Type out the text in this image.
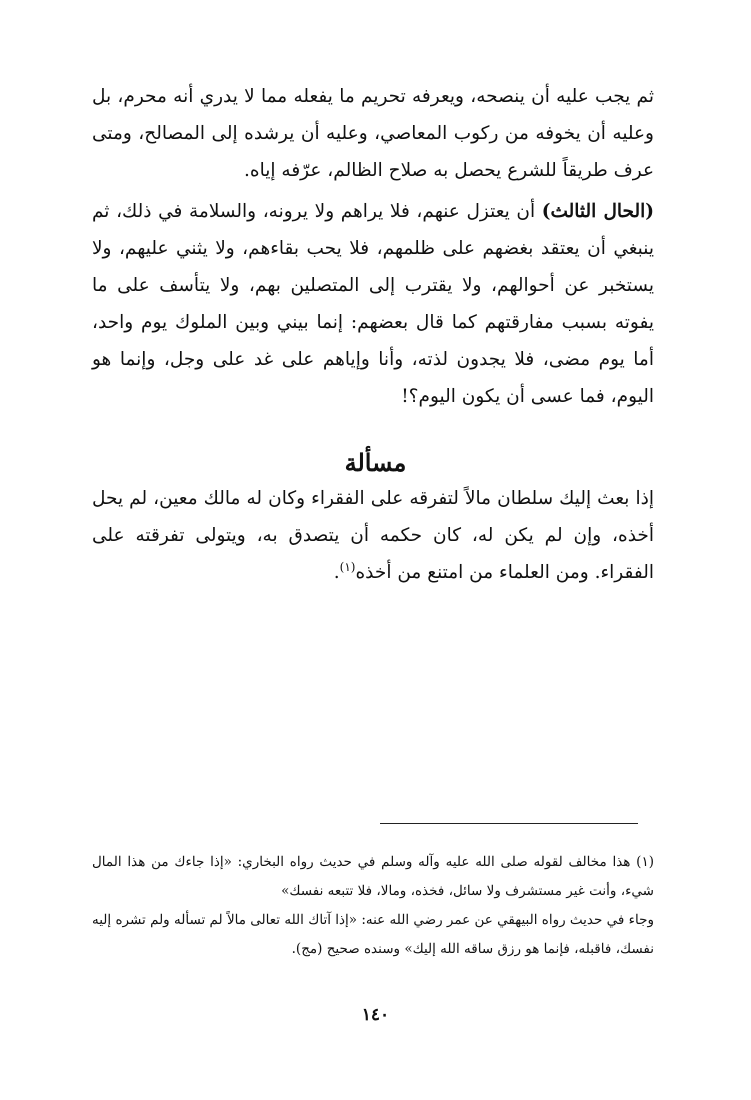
ثم يجب عليه أن ينصحه، ويعرفه تحريم ما يفعله مما لا يدري أنه محرم، بل وعليه أن يخوفه من ركوب المعاصي، وعليه أن يرشده إلى المصالح، ومتى عرف طريقاً للشرع يحصل به صلاح الظالم، عرّفه إياه.

(الحال الثالث) أن يعتزل عنهم، فلا يراهم ولا يرونه، والسلامة في ذلك، ثم ينبغي أن يعتقد بغضهم على ظلمهم، فلا يحب بقاءهم، ولا يثني عليهم، ولا يستخبر عن أحوالهم، ولا يقترب إلى المتصلين بهم، ولا يتأسف على ما يفوته بسبب مفارقتهم كما قال بعضهم: إنما بيني وبين الملوك يوم واحد، أما يوم مضى، فلا يجدون لذته، وأنا وإياهم على غد على وجل، وإنما هو اليوم، فما عسى أن يكون اليوم؟!

مسألة

إذا بعث إليك سلطان مالاً لتفرقه على الفقراء وكان له مالك معين، لم يحل أخذه، وإن لم يكن له، كان حكمه أن يتصدق به، ويتولى تفرقته على الفقراء. ومن العلماء من امتنع من أخذه$^{(١)}$.

(١) هذا مخالف لقوله صلى الله عليه وآله وسلم في حديث رواه البخاري: «إذا جاءك من هذا المال شيء، وأنت غير مستشرف ولا سائل، فخذه، ومالا، فلا تتبعه نفسك»

وجاء في حديث رواه البيهقي عن عمر رضي الله عنه: «إذا آتاك الله تعالى مالاً لم تسأله ولم تشره إليه نفسك، فاقبله، فإنما هو رزق ساقه الله إليك» وسنده صحيح (مج).

١٤٠
